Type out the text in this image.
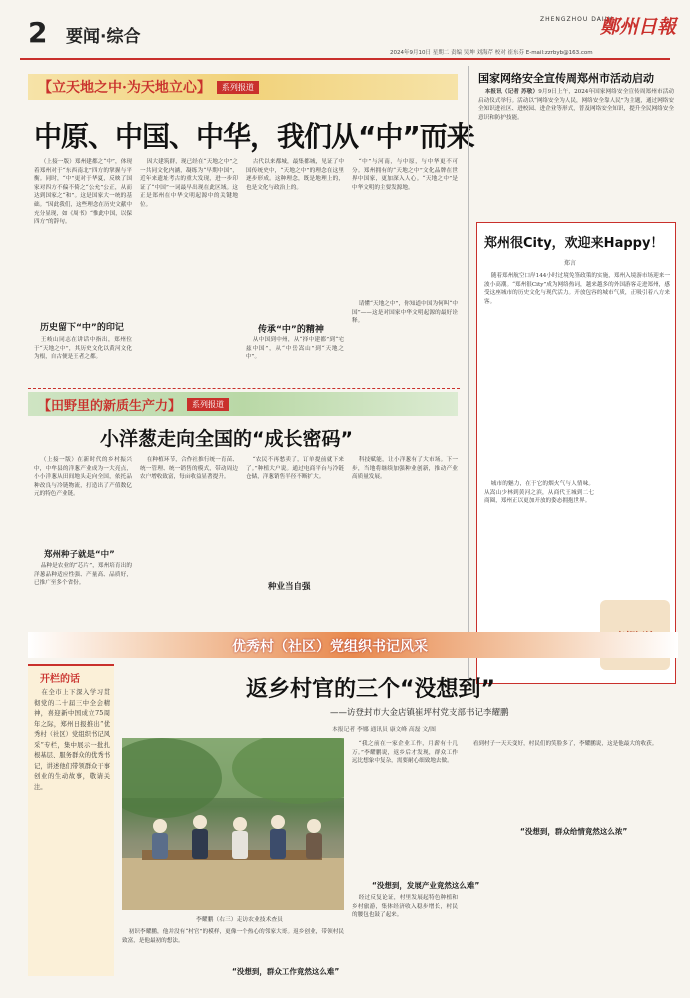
2 要闻·综合
ZHENGZHOU DAILY
鄭州日報
2024年9月10日 星期二 责编 吴坤 刘海芹 校对 崔东芬 E-mail:zzrbyb@163.com
【立天地之中·为天地立心】	系列报道
中原、中国、中华，我们从“中”而来

（上接一版）郑州建都之“中”，体现着郑州对于“东西南北”四方的掌握与平衡。同时，“中”更对于华夏，反映了国家对四方不偏不倚之“公允”公正，从而达到国家之“和”。这是国家大一统的基础。“因此我们，这些理念在历史文献中充分显现，如《周书》“惟此中国，以保四方”的辞句。

历史留下“中”的印记

王岐山同志在讲话中指出，郑州位于“天地之中”，其历史文化以黄河文化为根，自古便是王者之都。

因大建筑群，现已经在“天地之中”之一共同文化内涵，凝练为“早期中国”，近年来遗址考古的重大发现，进一步印证了“中国”一词最早出现在此区域。这正是郑州在中华文明起源中的关键地位。

古代以来都城，最集都城，见证了中国传统史中，“天地之中”的理念在这里逐步形成。这种理念，既是地理上的，也是文化与政治上的。

传承“中”的精神

从中国到中州，从“择中建都”到“宅兹中国”，从“中岳嵩山”到“天地之中”。

“中”与河南，与中原，与中华更不可分。郑州拥有的“天地之中”文化品牌在世界中国家，更加深入人心。“天地之中”是中华文明的主要发源地。

请懂“天地之中”，你知道中国为何叫“中国”——这是对国家中华文明起源的最好诠释。

国家网络安全宣传周郑州市活动启动

本报讯（记者 苏敬）9月9日上午，2024年国家网络安全宣传周郑州市活动启动仪式举行。活动以“网络安全为人民，网络安全靠人民”为主题，通过网络安全知识进社区、进校园、进企业等形式，普及网络安全知识，提升全民网络安全意识和防护技能。

郑州很City，欢迎来Happy！
郑言

随着郑州航空口岸144小时过境免签政策的实施，郑州入境游市场迎来一波小高潮。“郑州很City”成为网络热词，越来越多的外国游客走进郑州，感受这座城市的历史文化与现代活力。开放包容的城市气质，正吸引着八方来客。

城市的魅力，在于它的烟火气与人情味。从嵩山少林到黄河之滨，从商代王城到二七商圈，郑州正以更加开放的姿态拥抱世界。

【田野里的新质生产力】	系列报道
小洋葱走向全国的“成长密码”

（上接一版）在新时代的乡村振兴中，中牟县的洋葱产业成为一大亮点，小小洋葱从田间地头走向全国，依托品种改良与冷链物流，打造出了产值数亿元的特色产业链。

郑州种子就是“中”

品种是农业的“芯片”，郑州培育出的洋葱品种适应性强、产量高、品质好，已推广至多个省份。

在种植环节，合作社推行统一育苗、统一管理、统一销售的模式，带动周边农户增收致富，每亩收益显著提升。

“农民不再愁卖了，订单提前就下来了。”种植大户说。通过电商平台与冷链仓储，洋葱销售半径不断扩大。

种业当自强

科技赋能，让小洋葱有了大市场。下一步，当地将继续加强种业创新，推动产业高质量发展。

优秀村（社区）党组织书记风采
开栏的话

在全市上下深入学习贯彻党的二十届三中全会精神，喜迎新中国成立75周年之际，郑州日报推出“优秀村（社区）党组织书记风采”专栏，集中展示一批扎根基层、服务群众的优秀书记，讲述他们带领群众干事创业的生动故事，敬请关注。

返乡村官的三个“没想到”
——访登封市大金店镇崔坪村党支部书记李耀鹏
本报记者 李娜 通讯员 康文峰 高磊 文/图
李耀鹏（右三）走访农业技术查员

初识李耀鹏，他并没有“村官”的模样，更像一个热心的邻家大哥。返乡创业，带领村民致富，是他最初的想法。

“没想到，群众工作竟然这么难”

“我之前在一家企业工作，月薪有十几万。”李耀鹏说，返乡后才发现，群众工作远比想象中复杂，需要耐心细致地去做。

“没想到，发展产业竟然这么难”

经过反复论证，村里发展起特色种植和乡村旅游，集体经济收入稳步增长，村民的腰包也鼓了起来。

看到村子一天天变好，村民们的笑脸多了，李耀鹏说，这是他最大的收获。

“没想到，群众给情竟然这么浓”
